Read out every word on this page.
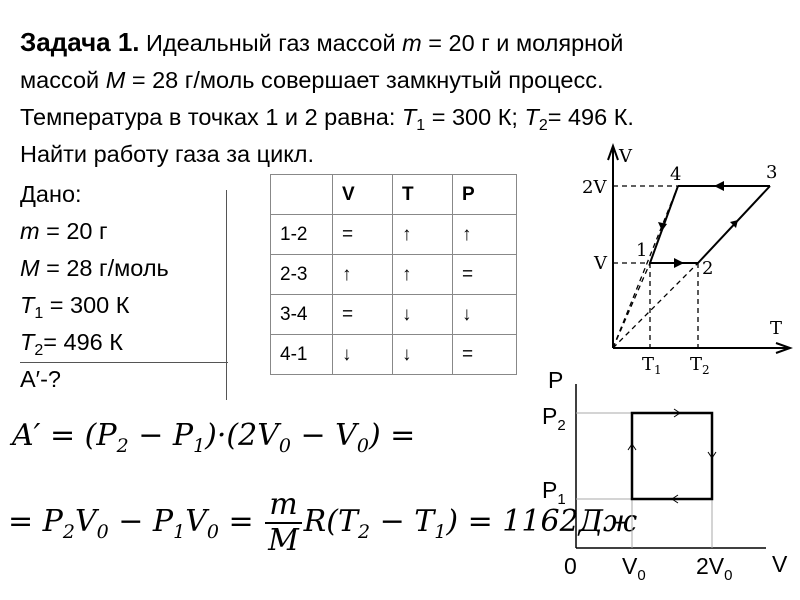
Задача 1. Идеальный газ массой m = 20 г и молярной
массой M = 28 г/моль совершает замкнутый процесс.
Температура в точках 1 и 2 равна: $T_1 = 300$ К; $T_2= 496$ К.
Найти работу газа за цикл.
Дано:
m = 20 г
M = 28 г/моль
$T_1 = 300$ К
$T_2= 496$ К
A′-?
	V	T	P
1-2	=	↑	↑
2-3	↑	↑	=
3-4	=	↓	↓
4-1	↓	↓	=
$A' = (P_2 - P_1)\cdot(2V_0 - V_0)$ =
= $P_2V_0 - P_1V_0 = \frac{m}{M} R(T_2 - T_1) = 1162Дж$
V
T
2V
V
1
2
3
4
$T_1$ $T_2$
P
V
0
$P_2$
$P_1$
$V_0$ $2V_0$
